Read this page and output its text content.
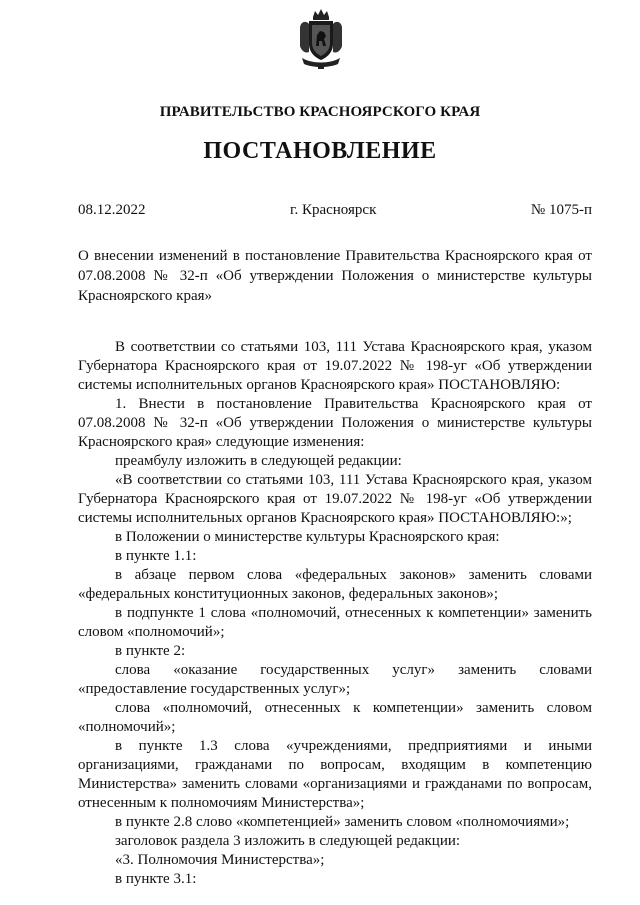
ПРАВИТЕЛЬСТВО КРАСНОЯРСКОГО КРАЯ
ПОСТАНОВЛЕНИЕ
08.12.2022	г. Красноярск	№ 1075-п
О внесении изменений в постановление Правительства Красноярского края от 07.08.2008 № 32-п «Об утверждении Положения о министерстве культуры Красноярского края»

В соответствии со статьями 103, 111 Устава Красноярского края, указом Губернатора Красноярского края от 19.07.2022 № 198-уг «Об утверждении системы исполнительных органов Красноярского края» ПОСТАНОВЛЯЮ:

1. Внести в постановление Правительства Красноярского края от 07.08.2008 № 32-п «Об утверждении Положения о министерстве культуры Красноярского края» следующие изменения:

преамбулу изложить в следующей редакции:

«В соответствии со статьями 103, 111 Устава Красноярского края, указом Губернатора Красноярского края от 19.07.2022 № 198-уг «Об утверждении системы исполнительных органов Красноярского края» ПОСТАНОВЛЯЮ:»;

в Положении о министерстве культуры Красноярского края:

в пункте 1.1:

в абзаце первом слова «федеральных законов» заменить словами «федеральных конституционных законов, федеральных законов»;

в подпункте 1 слова «полномочий, отнесенных к компетенции» заменить словом «полномочий»;

в пункте 2:

слова «оказание государственных услуг» заменить словами «предоставление государственных услуг»;

слова «полномочий, отнесенных к компетенции» заменить словом «полномочий»;

в пункте 1.3 слова «учреждениями, предприятиями и иными организациями, гражданами по вопросам, входящим в компетенцию Министерства» заменить словами «организациями и гражданами по вопросам, отнесенным к полномочиям Министерства»;

в пункте 2.8 слово «компетенцией» заменить словом «полномочиями»;

заголовок раздела 3 изложить в следующей редакции:

«3. Полномочия Министерства»;

в пункте 3.1:
